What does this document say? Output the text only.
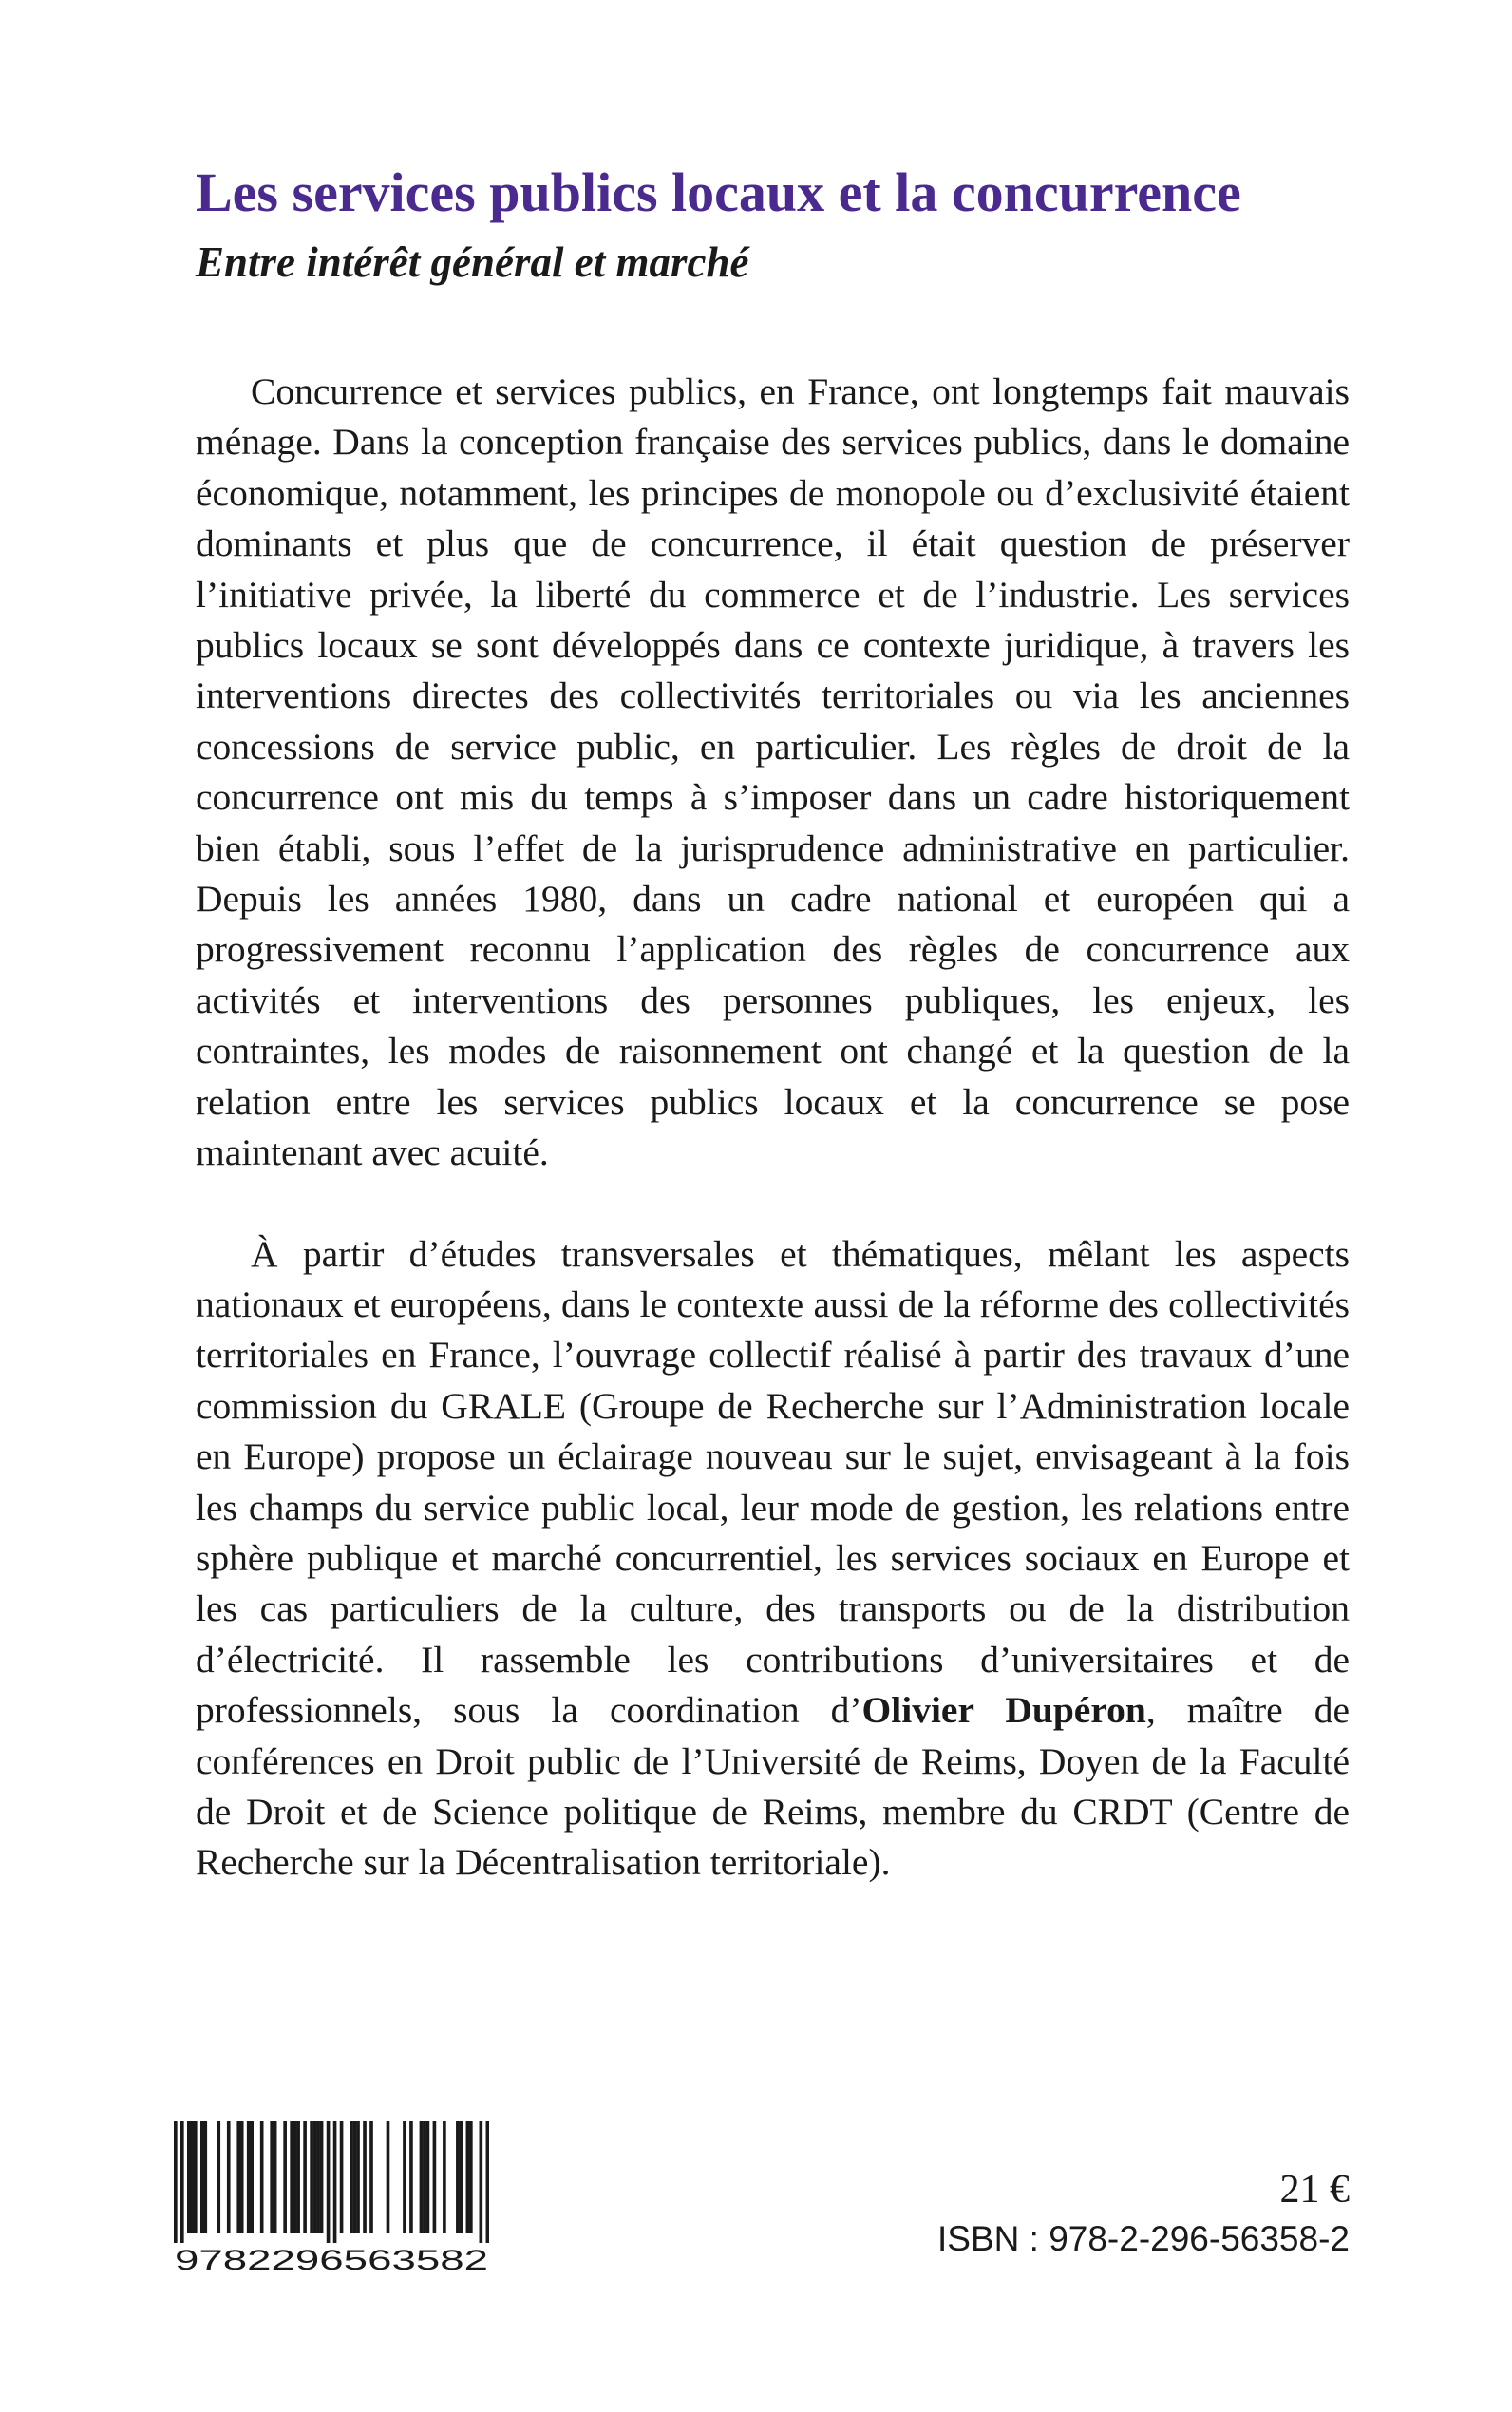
Les services publics locaux et la concurrence
Entre intérêt général et marché

Concurrence et services publics, en France, ont longtemps fait mauvais ménage. Dans la conception française des services publics, dans le domaine économique, notamment, les principes de monopole ou d’exclusivité étaient dominants et plus que de concurrence, il était question de préserver l’initiative privée, la liberté du commerce et de l’industrie. Les services publics locaux se sont développés dans ce contexte juridique, à travers les interventions directes des collectivités territoriales ou via les anciennes concessions de service public, en particulier. Les règles de droit de la concurrence ont mis du temps à s’imposer dans un cadre historiquement bien établi, sous l’effet de la jurisprudence administrative en particulier. Depuis les années 1980, dans un cadre national et européen qui a progressivement reconnu l’application des règles de concurrence aux activités et interventions des personnes publiques, les enjeux, les contraintes, les modes de raisonnement ont changé et la question de la relation entre les services publics locaux et la concurrence se pose maintenant avec acuité.

À partir d’études transversales et thématiques, mêlant les aspects nationaux et européens, dans le contexte aussi de la réforme des collectivités territoriales en France, l’ouvrage collectif réalisé à partir des travaux d’une commission du GRALE (Groupe de Recherche sur l’Administration locale en Europe) propose un éclairage nouveau sur le sujet, envisageant à la fois les champs du service public local, leur mode de gestion, les relations entre sphère publique et marché concurrentiel, les services sociaux en Europe et les cas particuliers de la culture, des transports ou de la distribution d’électricité. Il rassemble les contributions d’universitaires et de professionnels, sous la coordination d’Olivier Dupéron, maître de conférences en Droit public de l’Université de Reims, Doyen de la Faculté de Droit et de Science politique de Reims, membre du CRDT (Centre de Recherche sur la Décentralisation territoriale).

9782296563582
21 €
ISBN : 978-2-296-56358-2
